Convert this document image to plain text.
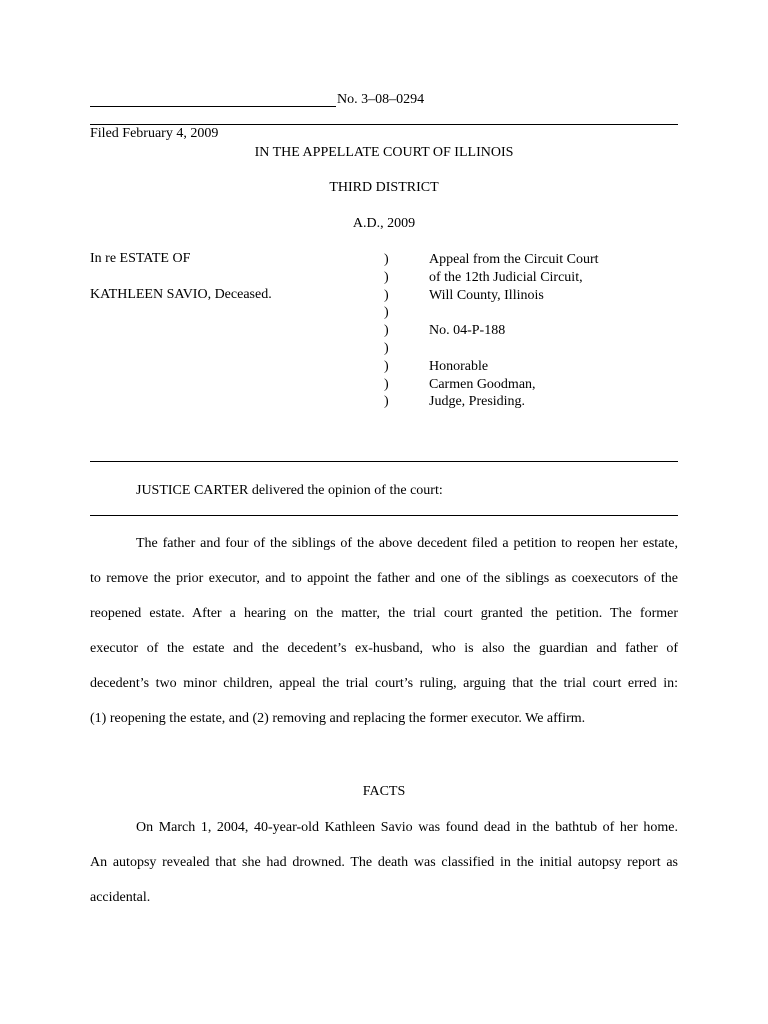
No. 3–08–0294
Filed February 4, 2009
IN THE APPELLATE COURT OF ILLINOIS
THIRD DISTRICT
A.D., 2009
In re ESTATE OF
KATHLEEN SAVIO, Deceased.
)
)
)
)
)
)
)
)
)
Appeal from the Circuit Court
of the 12th Judicial Circuit,
Will County, Illinois
No. 04-P-188
Honorable
Carmen Goodman,
Judge, Presiding.
JUSTICE CARTER delivered the opinion of the court:
The father and four of the siblings of the above decedent filed a petition to reopen her estate,
to remove the prior executor, and to appoint the father and one of the siblings as coexecutors of the
reopened estate. After a hearing on the matter, the trial court granted the petition. The former
executor of the estate and the decedent’s ex-husband, who is also the guardian and father of
decedent’s two minor children, appeal the trial court’s ruling, arguing that the trial court erred in:
(1) reopening the estate, and (2) removing and replacing the former executor. We affirm.
FACTS
On March 1, 2004, 40-year-old Kathleen Savio was found dead in the bathtub of her home.
An autopsy revealed that she had drowned. The death was classified in the initial autopsy report as
accidental.
